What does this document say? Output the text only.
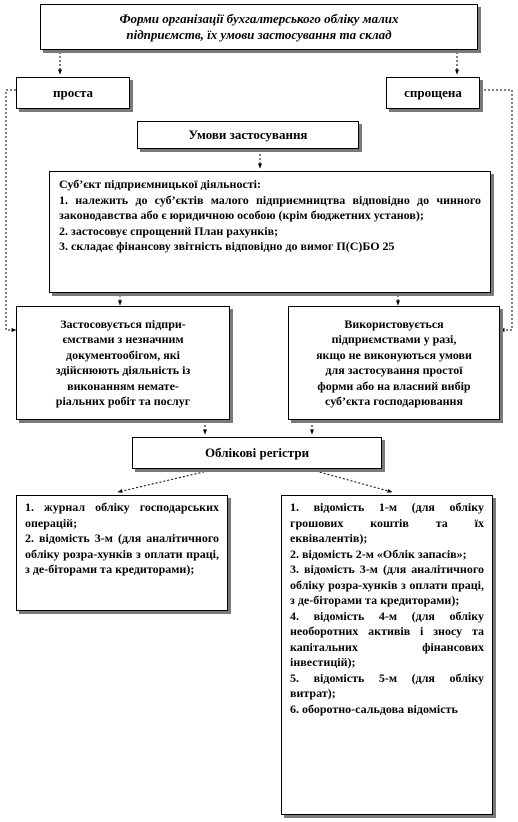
Форми організації бухгалтерського обліку малих

підприємств, їх умови застосування та склад

проста	спрощена
Умови застосування

Суб’єкт підприємницької діяльності:

1. належить до суб’єктів малого підприємництва відповідно до чинного законодавства або є юридичною особою (крім бюджетних установ);

2. застосовує спрощений План рахунків;

3. складає фінансову звітність відповідно до вимог П(С)БО 25

Застосовується підпри-

ємствами з незначним

документообігом, які

здійснюють діяльність із

виконанням немате-

ріальних робіт та послуг

Використовується

підприємствами у разі,

якщо не виконуються умови

для застосування простої

форми або на власний вибір

суб’єкта господарювання

Облікові регістри

1. журнал обліку господарських операцій;

2. відомість 3-м (для аналітичного обліку розра-хунків з оплати праці, з де-біторами та кредиторами);

1. відомість 1-м (для обліку грошових коштів та їх еквівалентів);

2. відомість 2-м «Облік запасів»;

3. відомість 3-м (для аналітичного обліку розра-хунків з оплати праці, з де-біторами та кредиторами);

4. відомість 4-м (для обліку необоротних активів і зносу та капітальних фінансових інвестицій);

5. відомість 5-м (для обліку витрат);

6. оборотно-сальдова відомість
